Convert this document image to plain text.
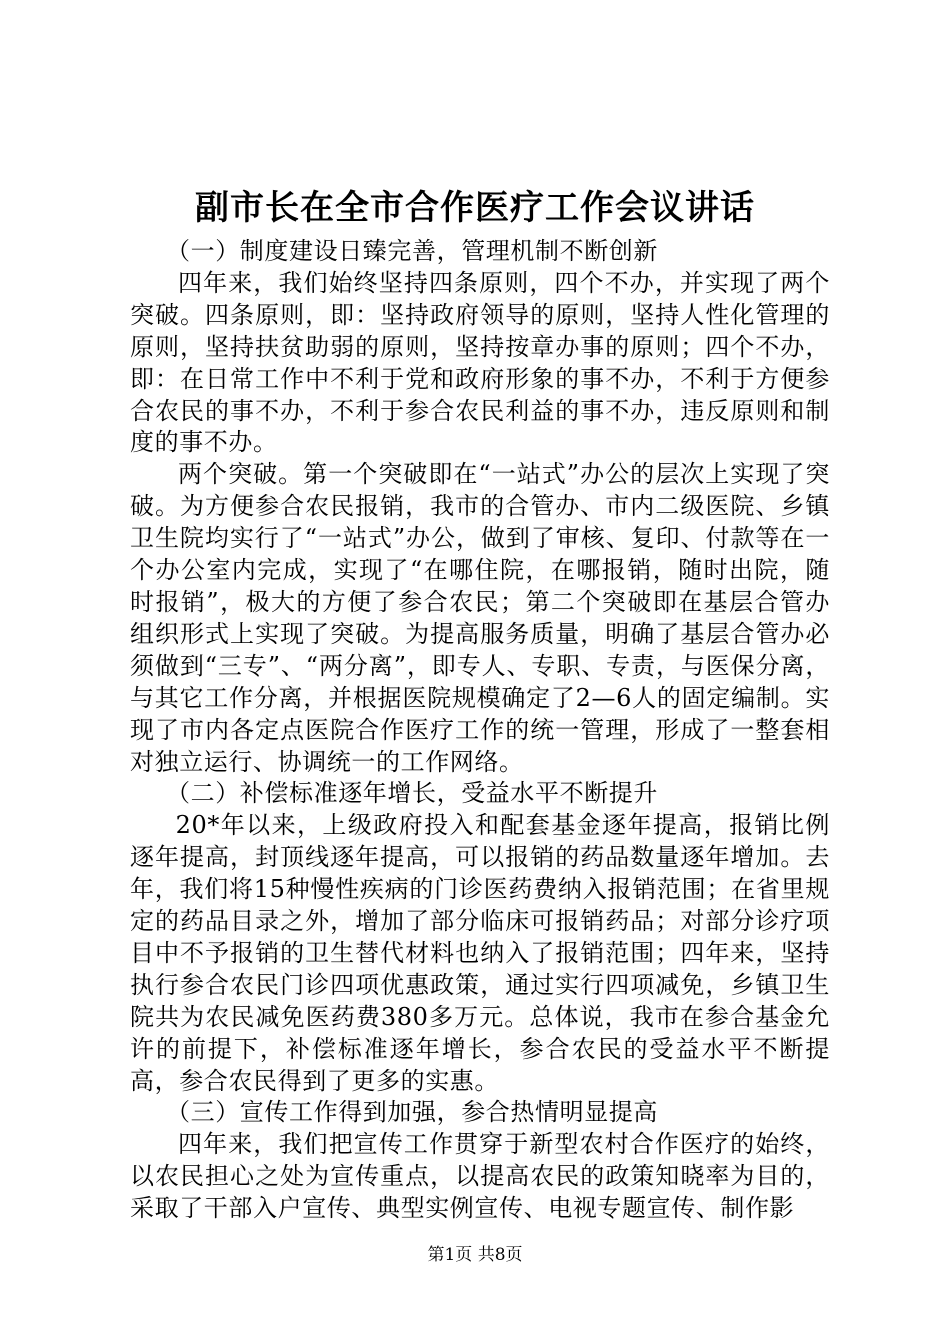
副市长在全市合作医疗工作会议讲话

（一）制度建设日臻完善，管理机制不断创新

四年来，我们始终坚持四条原则，四个不办，并实现了两个突破。四条原则，即：坚持政府领导的原则，坚持人性化管理的原则，坚持扶贫助弱的原则，坚持按章办事的原则；四个不办，即：在日常工作中不利于党和政府形象的事不办，不利于方便参合农民的事不办，不利于参合农民利益的事不办，违反原则和制度的事不办。

两个突破。第一个突破即在“一站式”办公的层次上实现了突破。为方便参合农民报销，我市的合管办、市内二级医院、乡镇卫生院均实行了“一站式”办公，做到了审核、复印、付款等在一个办公室内完成，实现了“在哪住院，在哪报销，随时出院，随时报销”，极大的方便了参合农民；第二个突破即在基层合管办组织形式上实现了突破。为提高服务质量，明确了基层合管办必须做到“三专”、“两分离”，即专人、专职、专责，与医保分离，与其它工作分离，并根据医院规模确定了2—6人的固定编制。实现了市内各定点医院合作医疗工作的统一管理，形成了一整套相对独立运行、协调统一的工作网络。

（二）补偿标准逐年增长，受益水平不断提升

20*年以来，上级政府投入和配套基金逐年提高，报销比例逐年提高，封顶线逐年提高，可以报销的药品数量逐年增加。去年，我们将15种慢性疾病的门诊医药费纳入报销范围；在省里规定的药品目录之外，增加了部分临床可报销药品；对部分诊疗项目中不予报销的卫生替代材料也纳入了报销范围；四年来，坚持执行参合农民门诊四项优惠政策，通过实行四项减免，乡镇卫生院共为农民减免医药费380多万元。总体说，我市在参合基金允许的前提下，补偿标准逐年增长，参合农民的受益水平不断提高，参合农民得到了更多的实惠。

（三）宣传工作得到加强，参合热情明显提高

四年来，我们把宣传工作贯穿于新型农村合作医疗的始终，以农民担心之处为宣传重点，以提高农民的政策知晓率为目的，采取了干部入户宣传、典型实例宣传、电视专题宣传、制作影

第1页 共8页
